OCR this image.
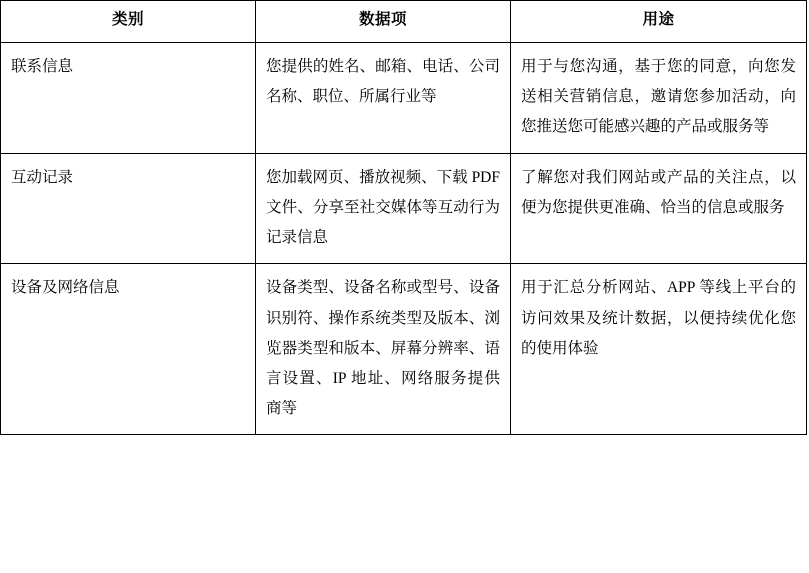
类别	数据项	用途

联系信息	您提供的姓名、邮箱、电话、公司名称、职位、所属行业等	用于与您沟通，基于您的同意，向您发送相关营销信息，邀请您参加活动，向您推送您可能感兴趣的产品或服务等

互动记录	您加载网页、播放视频、下载 PDF 文件、分享至社交媒体等互动行为记录信息	了解您对我们网站或产品的关注点，以便为您提供更准确、恰当的信息或服务

设备及网络信息	设备类型、设备名称或型号、设备识别符、操作系统类型及版本、浏览器类型和版本、屏幕分辨率、语言设置、IP 地址、网络服务提供商等	用于汇总分析网站、APP 等线上平台的访问效果及统计数据，以便持续优化您的使用体验
